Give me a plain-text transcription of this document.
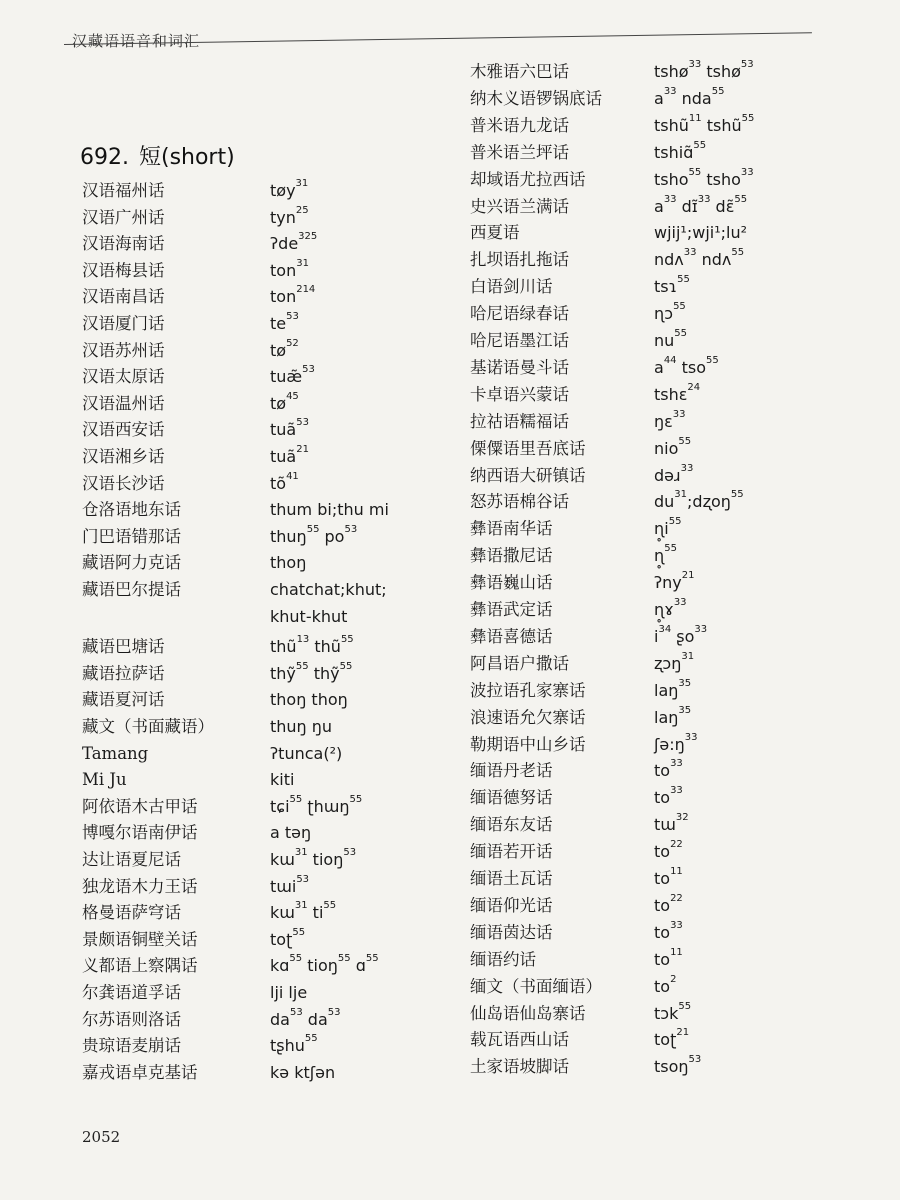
汉藏语语音和词汇
692. 短(short)
汉语福州话	tøy$^{31}$
汉语广州话	tyn$^{25}$
汉语海南话	ʔde$^{325}$
汉语梅县话	ton$^{31}$
汉语南昌话	ton$^{214}$
汉语厦门话	$te^{53}$
汉语苏州话	$tø^{52}$
汉语太原话	tuæ̃$^{53}$
汉语温州话	$tø^{45}$
汉语西安话	tuã$^{53}$
汉语湘乡话	tuã$^{21}$
汉语长沙话	$tõ^{41}$
仓洛语地东话	thum bi;thu mi
门巴语错那话	thuŋ$^{55}$ $po^{53}$
藏语阿力克话	thoŋ
藏语巴尔提话	chatchat;khut;
khut-khut
藏语巴塘话	thũ$^{13}$ thũ$^{55}$
藏语拉萨话	thỹ$^{55}$ thỹ$^{55}$
藏语夏河话	thoŋ thoŋ
藏文（书面藏语）	thuŋ ŋu
Tamang	ʔtunca(²)
Mi Ju	kiti
阿依语木古甲话	tɕi$^{55}$ ʈhɯŋ$^{55}$
博嘎尔语南伊话	a təŋ
达让语夏尼话	kɯ$^{31}$ tioŋ$^{53}$
独龙语木力王话	tɯi$^{53}$
格曼语萨穹话	kɯ$^{31}$ $ti^{55}$
景颇语铜壁关话	toʈ$^{55}$
义都语上察隅话	kɑ$^{55}$ tioŋ$^{55}$ ɑ$^{55}$
尔龚语道孚话	lji lje
尔苏语则洛话	$da^{53}$ $da^{53}$
贵琼语麦崩话	tʂhu$^{55}$
嘉戎语卓克基话	kə ktʃən
木雅语六巴话	tshø$^{33}$ tshø$^{53}$
纳木义语锣锅底话	$a^{33}$ nda$^{55}$
普米语九龙话	tshũ$^{11}$ tshũ$^{55}$
普米语兰坪话	tshiɑ̃$^{55}$
却域语尤拉西话	tsho$^{55}$ tsho$^{33}$
史兴语兰满话	$a^{33}$ dɪ̃$^{33}$ dɛ̃$^{55}$
西夏语	wjij¹;wji¹;lu²
扎坝语扎拖话	ndʌ$^{33}$ ndʌ$^{55}$
白语剑川话	tsɿ$^{55}$
哈尼语绿春话	ɳɔ$^{55}$
哈尼语墨江话	$nu^{55}$
基诺语曼斗话	$a^{44}$ tso$^{55}$
卡卓语兴蒙话	tshɛ$^{24}$
拉祜语糯福话	ŋɛ$^{33}$
傈僳语里吾底话	nio$^{55}$
纳西语大研镇话	dəɹ$^{33}$
怒苏语棉谷话	$du^{31};dʐoŋ^{55}$
彝语南华话	$ɳ̥i^{55}$
彝语撒尼话	ɳ̥$^{55}$
彝语巍山话	ʔny$^{21}$
彝语武定话	ɳ̥ɤ$^{33}$
彝语喜德话	$i^{34}$ ʂo$^{33}$
阿昌语户撒话	ʐɔŋ$^{31}$
波拉语孔家寨话	laŋ$^{35}$
浪速语允欠寨话	laŋ$^{35}$
勒期语中山乡话	$ʃə:ŋ^{33}$
缅语丹老话	$to^{33}$
缅语德努话	$to^{33}$
缅语东友话	tɯ$^{32}$
缅语若开话	$to^{22}$
缅语土瓦话	$to^{11}$
缅语仰光话	$to^{22}$
缅语茵达话	$to^{33}$
缅语约话	$to^{11}$
缅文（书面缅语）	$to^2$
仙岛语仙岛寨话	tɔk$^{55}$
载瓦语西山话	toʈ$^{21}$
土家语坡脚话	tsoŋ$^{53}$
2052
